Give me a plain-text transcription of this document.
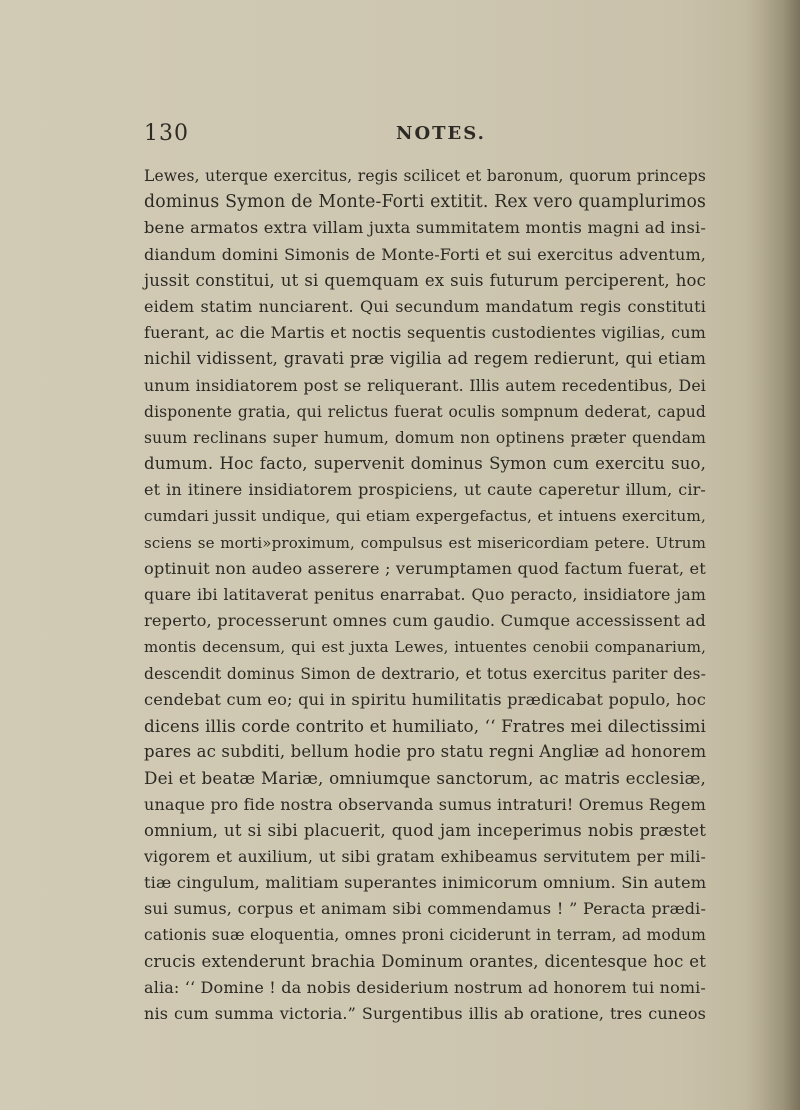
130	NOTES.
Lewes, uterque exercitus, regis scilicet et baronum, quorum princeps
dominus Symon de Monte-Forti extitit. Rex vero quamplurimos
bene armatos extra villam juxta summitatem montis magni ad insi-
diandum domini Simonis de Monte-Forti et sui exercitus adventum,
jussit constitui, ut si quemquam ex suis futurum perciperent, hoc
eidem statim nunciarent. Qui secundum mandatum regis constituti
fuerant, ac die Martis et noctis sequentis custodientes vigilias, cum
nichil vidissent, gravati præ vigilia ad regem redierunt, qui etiam
unum insidiatorem post se reliquerant. Illis autem recedentibus, Dei
disponente gratia, qui relictus fuerat oculis sompnum dederat, capud
suum reclinans super humum, domum non optinens præter quendam
dumum. Hoc facto, supervenit dominus Symon cum exercitu suo,
et in itinere insidiatorem prospiciens, ut caute caperetur illum, cir-
cumdari jussit undique, qui etiam expergefactus, et intuens exercitum,
sciens se morti»proximum, compulsus est misericordiam petere. Utrum
optinuit non audeo asserere ; verumptamen quod factum fuerat, et
quare ibi latitaverat penitus enarrabat. Quo peracto, insidiatore jam
reperto, processerunt omnes cum gaudio. Cumque accessissent ad
montis decensum, qui est juxta Lewes, intuentes cenobii companarium,
descendit dominus Simon de dextrario, et totus exercitus pariter des-
cendebat cum eo; qui in spiritu humilitatis prædicabat populo, hoc
dicens illis corde contrito et humiliato, ‘‘ Fratres mei dilectissimi
pares ac subditi, bellum hodie pro statu regni Angliæ ad honorem
Dei et beatæ Mariæ, omniumque sanctorum, ac matris ecclesiæ,
unaque pro fide nostra observanda sumus intraturi! Oremus Regem
omnium, ut si sibi placuerit, quod jam inceperimus nobis præstet
vigorem et auxilium, ut sibi gratam exhibeamus servitutem per mili-
tiæ cingulum, malitiam superantes inimicorum omnium. Sin autem
sui sumus, corpus et animam sibi commendamus ! ” Peracta prædi-
cationis suæ eloquentia, omnes proni ciciderunt in terram, ad modum
crucis extenderunt brachia Dominum orantes, dicentesque hoc et
alia: ‘‘ Domine ! da nobis desiderium nostrum ad honorem tui nomi-
nis cum summa victoria.” Surgentibus illis ab oratione, tres cuneos
